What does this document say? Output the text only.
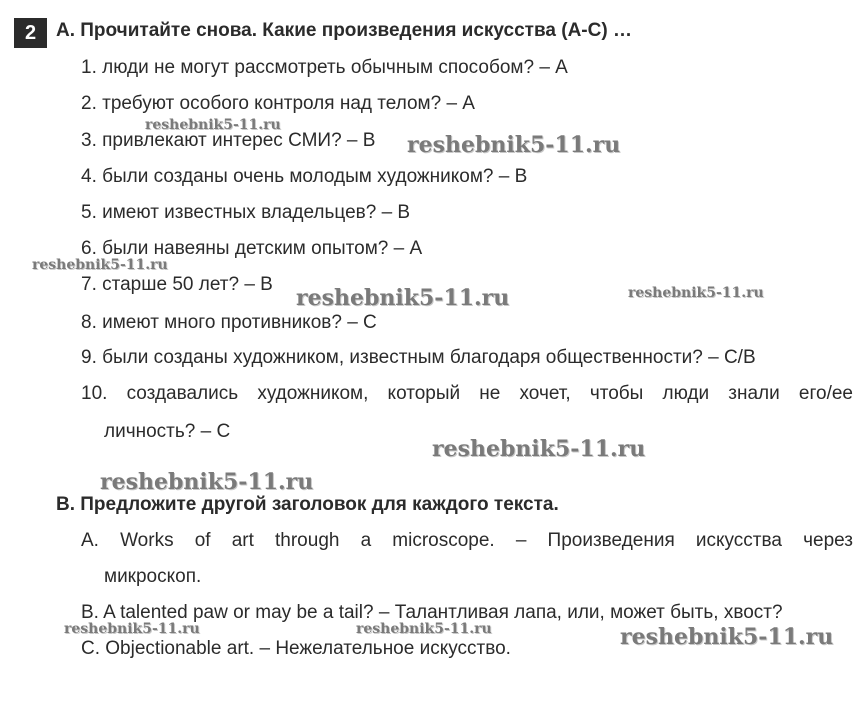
2	A. Прочитайте снова. Какие произведения искусства (A-C) …
1. люди не могут рассмотреть обычным способом? – A
2. требуют особого контроля над телом? – A
3. привлекают интерес СМИ? – B
4. были созданы очень молодым художником? – B
5. имеют известных владельцев? – B
6. были навеяны детским опытом? – A
7. старше 50 лет? – B
8. имеют много противников? – C
9. были созданы художником, известным благодаря общественности? – C/B
10. создавались художником, который не хочет, чтобы люди знали его/ее
личность? – C
B. Предложите другой заголовок для каждого текста.
A. Works of art through a microscope. – Произведения искусства через
микроскоп.
B. A talented paw or may be a tail? – Талантливая лапа, или, может быть, хвост?
C. Objectionable art. – Нежелательное искусство.
reshebnik5-11.ru
reshebnik5-11.ru
reshebnik5-11.ru
reshebnik5-11.ru	reshebnik5-11.ru
reshebnik5-11.ru
reshebnik5-11.ru
reshebnik5-11.ru	reshebnik5-11.ru	reshebnik5-11.ru
